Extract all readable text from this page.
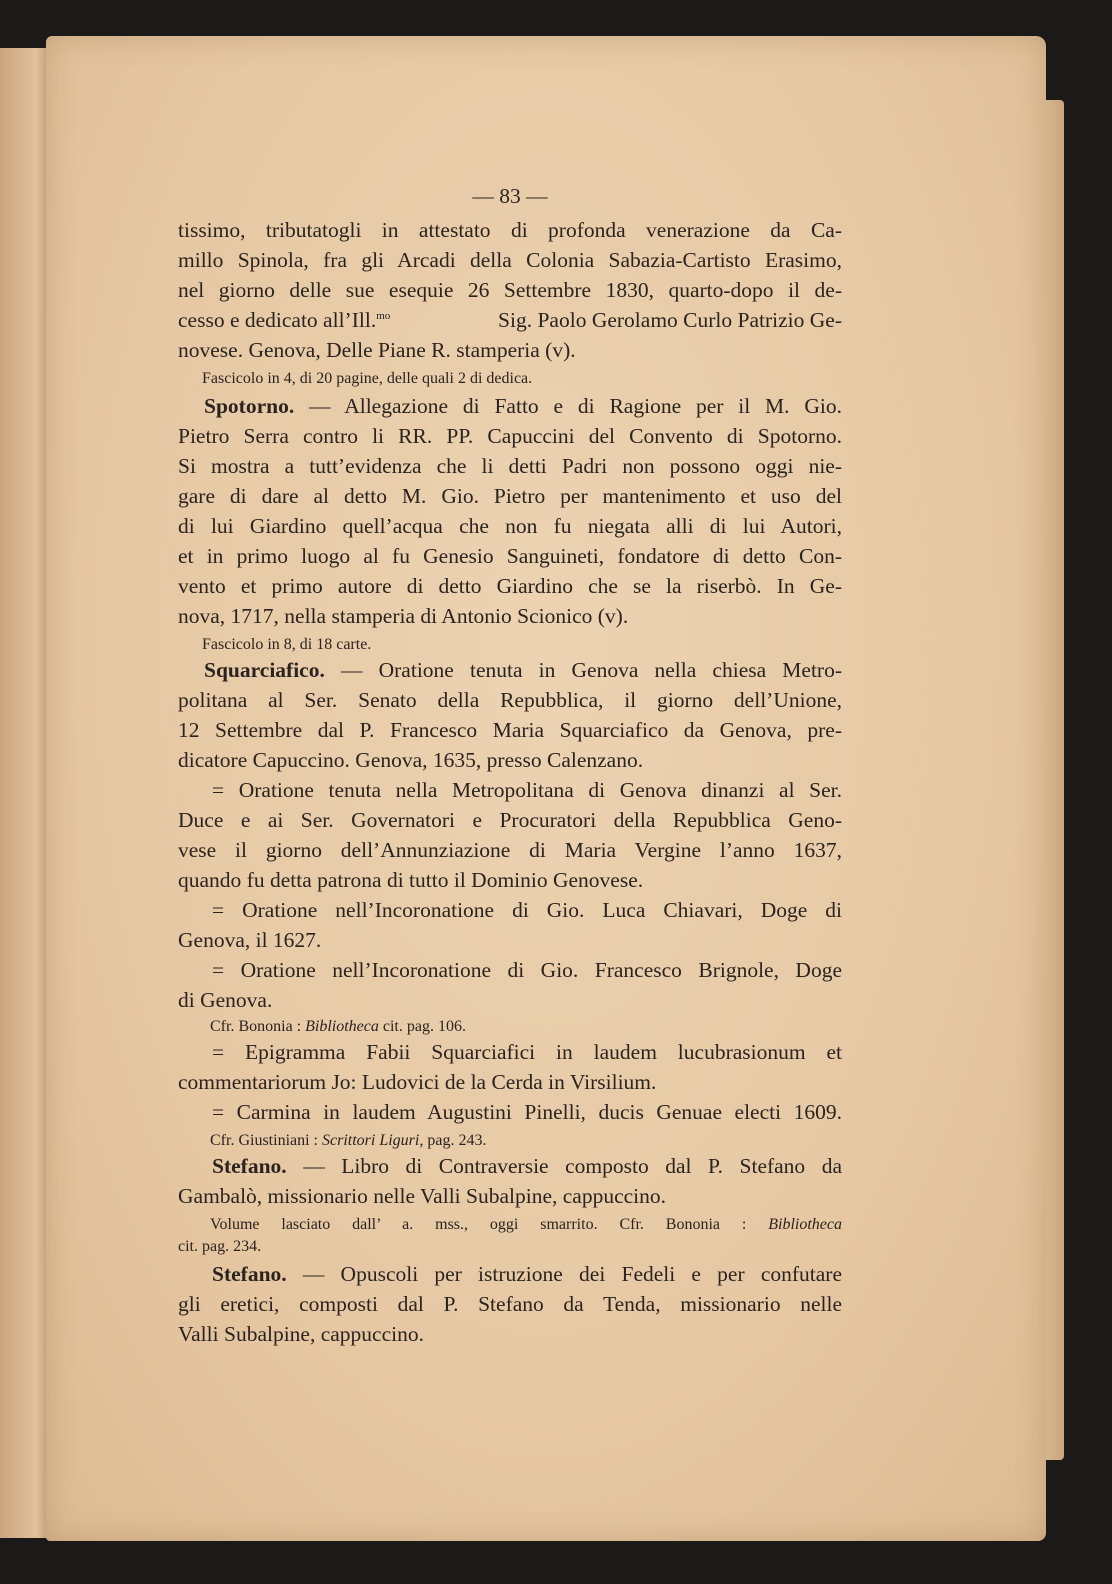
— 83 —
tissimo, tributatogli in attestato di profonda venerazione da Ca-
millo Spinola, fra gli Arcadi della Colonia Sabazia-Cartisto Erasimo,
nel giorno delle sue esequie 26 Settembre 1830, quarto-dopo il de-
cesso e dedicato all’Ill.$^{mo}$	Sig. Paolo Gerolamo Curlo Patrizio Ge-
novese. Genova, Delle Piane R. stamperia (v).
Fascicolo in 4, di 20 pagine, delle quali 2 di dedica.
Spotorno. — Allegazione di Fatto e di Ragione per il M. Gio.
Pietro Serra contro li RR. PP. Capuccini del Convento di Spotorno.
Si mostra a tutt’evidenza che li detti Padri non possono oggi nie-
gare di dare al detto M. Gio. Pietro per mantenimento et uso del
di lui Giardino quell’acqua che non fu niegata alli di lui Autori,
et in primo luogo al fu Genesio Sanguineti, fondatore di detto Con-
vento et primo autore di detto Giardino che se la riserbò. In Ge-
nova, 1717, nella stamperia di Antonio Scionico (v).
Fascicolo in 8, di 18 carte.
Squarciafico. — Oratione tenuta in Genova nella chiesa Metro-
politana al Ser. Senato della Repubblica, il giorno dell’Unione,
12 Settembre dal P. Francesco Maria Squarciafico da Genova, pre-
dicatore Capuccino. Genova, 1635, presso Calenzano.
= Oratione tenuta nella Metropolitana di Genova dinanzi al Ser.
Duce e ai Ser. Governatori e Procuratori della Repubblica Geno-
vese il giorno dell’Annunziazione di Maria Vergine l’anno 1637,
quando fu detta patrona di tutto il Dominio Genovese.
= Oratione nell’Incoronatione di Gio. Luca Chiavari, Doge di
Genova, il 1627.
= Oratione nell’Incoronatione di Gio. Francesco Brignole, Doge
di Genova.
Cfr. Bononia : Bibliotheca cit. pag. 106.
= Epigramma Fabii Squarciafici in laudem lucubrasionum et
commentariorum Jo: Ludovici de la Cerda in Virsilium.
= Carmina in laudem Augustini Pinelli, ducis Genuae electi 1609.
Cfr. Giustiniani : Scrittori Liguri, pag. 243.
Stefano. — Libro di Contraversie composto dal P. Stefano da
Gambalò, missionario nelle Valli Subalpine, cappuccino.
Volume lasciato dall’ a. mss., oggi smarrito. Cfr. Bononia : Bibliotheca
cit. pag. 234.
Stefano. — Opuscoli per istruzione dei Fedeli e per confutare
gli eretici, composti dal P. Stefano da Tenda, missionario nelle
Valli Subalpine, cappuccino.
